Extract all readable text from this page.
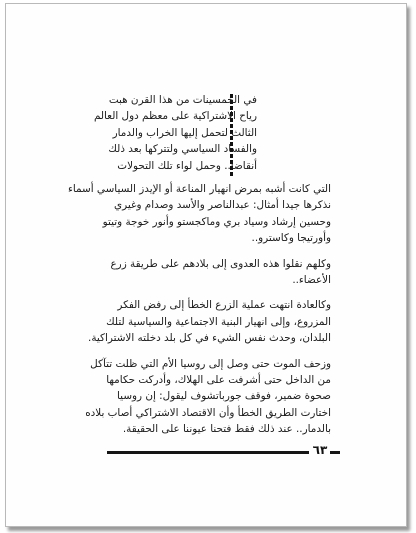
في الخمسينات من هذا القرن هبت
رياح الاشتراكية على معظم دول العالم
الثالث لتحمل إليها الخراب والدمار
والفساد السياسي ولتتركها بعد ذلك
أنقاضا.. وحمل لواء تلك التحولات
التي كانت أشبه بمرض انهيار المناعة أو الإيدز السياسي أسماء
نذكرها جيدا أمثال: عبدالناصر والأسد وصدام وغيري
وحسين إرشاد وسياد بري وماكجستو وأنور خوجة وتيتو
وأورتيجا وكاسترو..
وكلهم نقلوا هذه العدوى إلى بلادهم على طريقة زرع
الأعضاء..
وكالعادة انتهت عملية الزرع الخطأ إلى رفض الفكر
المزروع، وإلى انهيار البنية الاجتماعية والسياسية لتلك
البلدان، وحدث نفس الشيء في كل بلد دخلته الاشتراكية.
وزحف الموت حتى وصل إلى روسيا الأم التي ظلت تتآكل
من الداخل حتى أشرفت على الهلاك، وأدركت حكامها
صحوة ضمير، فوقف جورباتشوف ليقول: إن روسيا
اختارت الطريق الخطأ وأن الاقتصاد الاشتراكي أصاب بلاده
بالدمار.. عند ذلك فقط فتحنا عيوننا على الحقيقة.
٦٣
